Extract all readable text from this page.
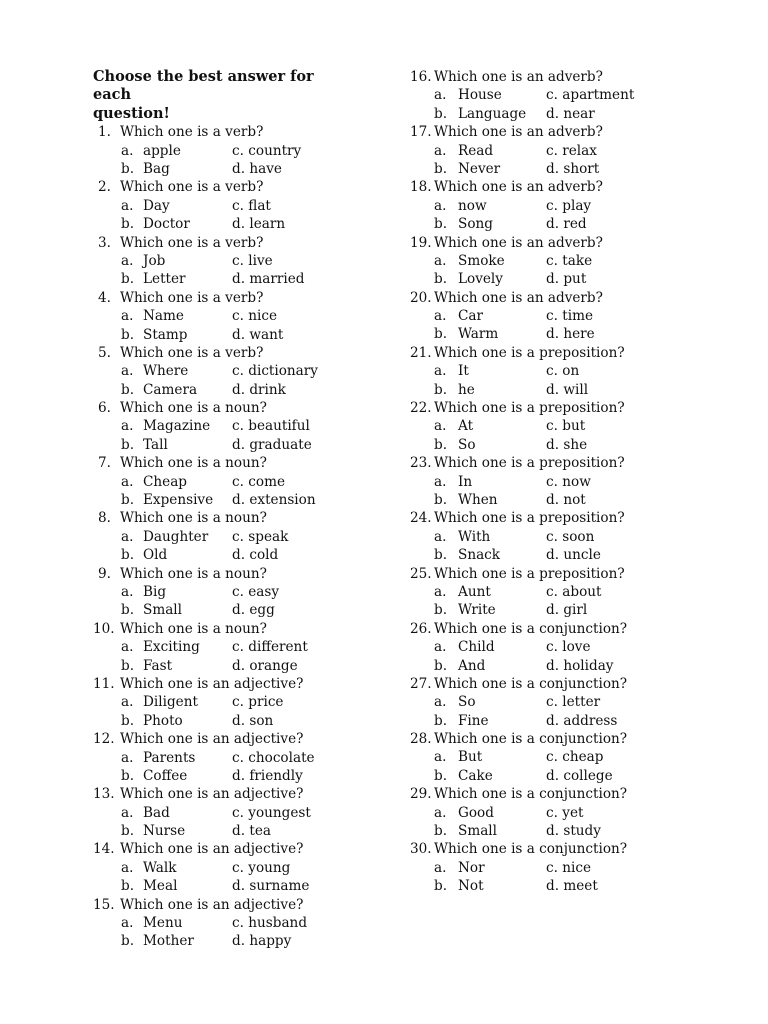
Choose the best answer for each
question!
1. Which one is a verb?
a. apple	c. country
b. Bag	d. have
2. Which one is a verb?
a. Day	c. flat
b. Doctor	d. learn
3. Which one is a verb?
a. Job	c. live
b. Letter	d. married
4. Which one is a verb?
a. Name	c. nice
b. Stamp	d. want
5. Which one is a verb?
a. Where	c. dictionary
b. Camera	d. drink
6. Which one is a noun?
a. Magazine c. beautiful
b. Tall	d. graduate
7. Which one is a noun?
a. Cheap	c. come
b. Expensive d. extension
8. Which one is a noun?
a. Daughter c. speak
b. Old	d. cold
9. Which one is a noun?
a. Big	c. easy
b. Small	d. egg
10. Which one is a noun?
a. Exciting c. different
b. Fast	d. orange
11. Which one is an adjective?
a. Diligent	c. price
b. Photo	d. son
12. Which one is an adjective?
a. Parents	c. chocolate
b. Coffee	d. friendly
13. Which one is an adjective?
a. Bad	c. youngest
b. Nurse	d. tea
14. Which one is an adjective?
a. Walk	c. young
b. Meal	d. surname
15. Which one is an adjective?
a. Menu	c. husband
b. Mother	d. happy
16. Which one is an adverb?
a. House	c. apartment
b. Language d. near
17. Which one is an adverb?
a. Read	c. relax
b. Never	d. short
18. Which one is an adverb?
a. now	c. play
b. Song	d. red
19. Which one is an adverb?
a. Smoke	c. take
b. Lovely	d. put
20. Which one is an adverb?
a. Car	c. time
b. Warm	d. here
21. Which one is a preposition?
a. It	c. on
b. he	d. will
22. Which one is a preposition?
a. At	c. but
b. So	d. she
23. Which one is a preposition?
a. In	c. now
b. When	d. not
24. Which one is a preposition?
a. With	c. soon
b. Snack	d. uncle
25. Which one is a preposition?
a. Aunt	c. about
b. Write	d. girl
26. Which one is a conjunction?
a. Child	c. love
b. And	d. holiday
27. Which one is a conjunction?
a. So	c. letter
b. Fine	d. address
28. Which one is a conjunction?
a. But	c. cheap
b. Cake	d. college
29. Which one is a conjunction?
a. Good	c. yet
b. Small	d. study
30. Which one is a conjunction?
a. Nor	c. nice
b. Not	d. meet
